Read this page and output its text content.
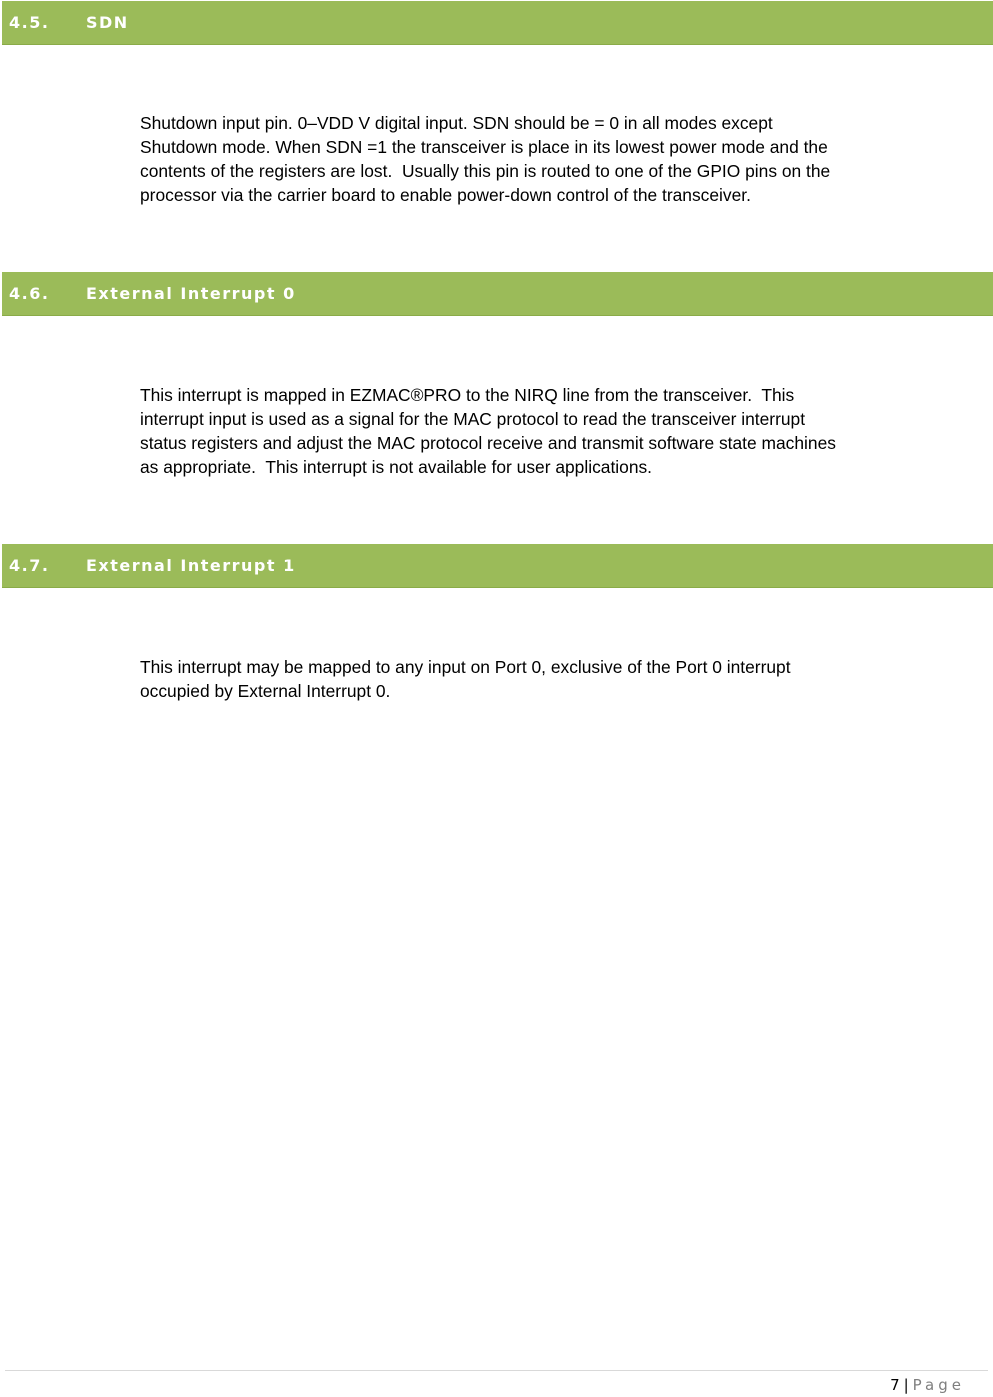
4.5. SDN

Shutdown input pin. 0–VDD V digital input. SDN should be = 0 in all modes except
Shutdown mode. When SDN =1 the transceiver is place in its lowest power mode and the
contents of the registers are lost.  Usually this pin is routed to one of the GPIO pins on the
processor via the carrier board to enable power-down control of the transceiver.

4.6. External Interrupt 0

This interrupt is mapped in EZMAC®PRO to the NIRQ line from the transceiver.  This
interrupt input is used as a signal for the MAC protocol to read the transceiver interrupt
status registers and adjust the MAC protocol receive and transmit software state machines
as appropriate.  This interrupt is not available for user applications.

4.7. External Interrupt 1

This interrupt may be mapped to any input on Port 0, exclusive of the Port 0 interrupt
occupied by External Interrupt 0.

7 | Page
